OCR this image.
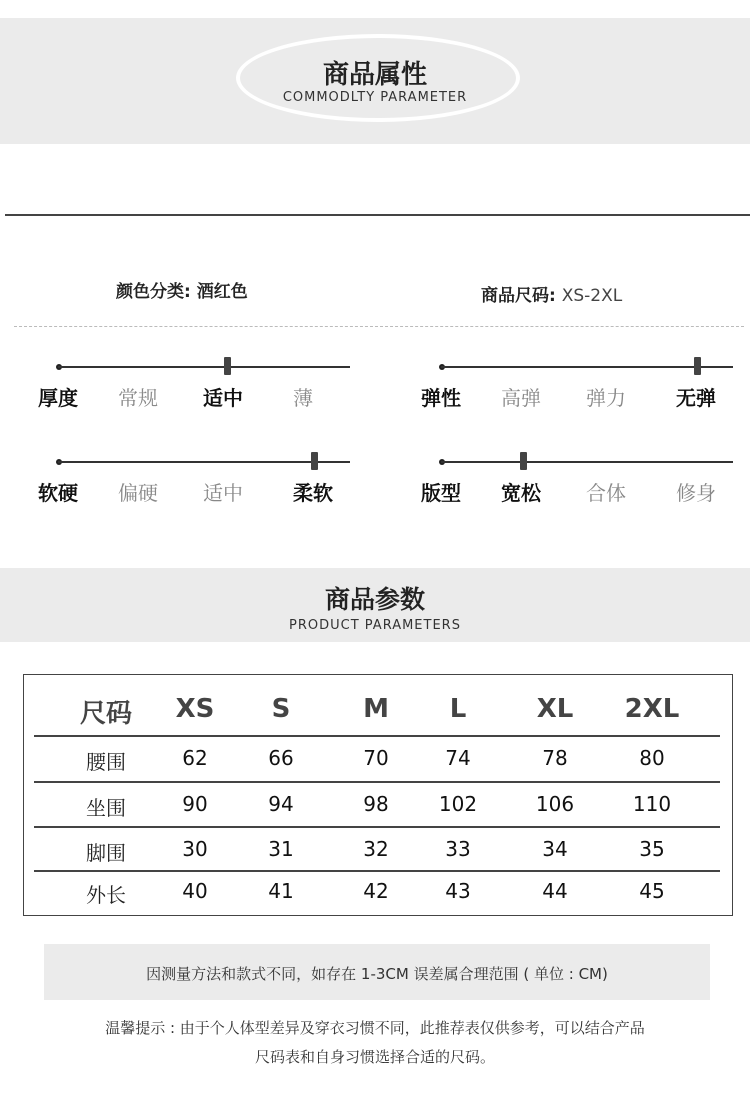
商品属性
COMMODLTY PARAMETER
颜色分类: 酒红色	商品尺码: XS-2XL
厚度 常规 适中	薄	弹性 高弹 弹力	无弹
软硬 偏硬 适中	柔软	版型 宽松 合体	修身
商品参数
PRODUCT PARAMETERS
尺码	XS	S	M	L	XL	2XL
腰围	62	66	70	74	78	80
坐围	90	94	98	102	106	110
脚围	30	31	32	33	34	35
外长	40	41	42	43	44	45
因测量方法和款式不同，如存在 1-3CM 误差属合理范围 ( 单位 : CM)
温馨提示 : 由于个人体型差异及穿衣习惯不同，此推荐表仅供参考，可以结合产品
尺码表和自身习惯选择合适的尺码。
